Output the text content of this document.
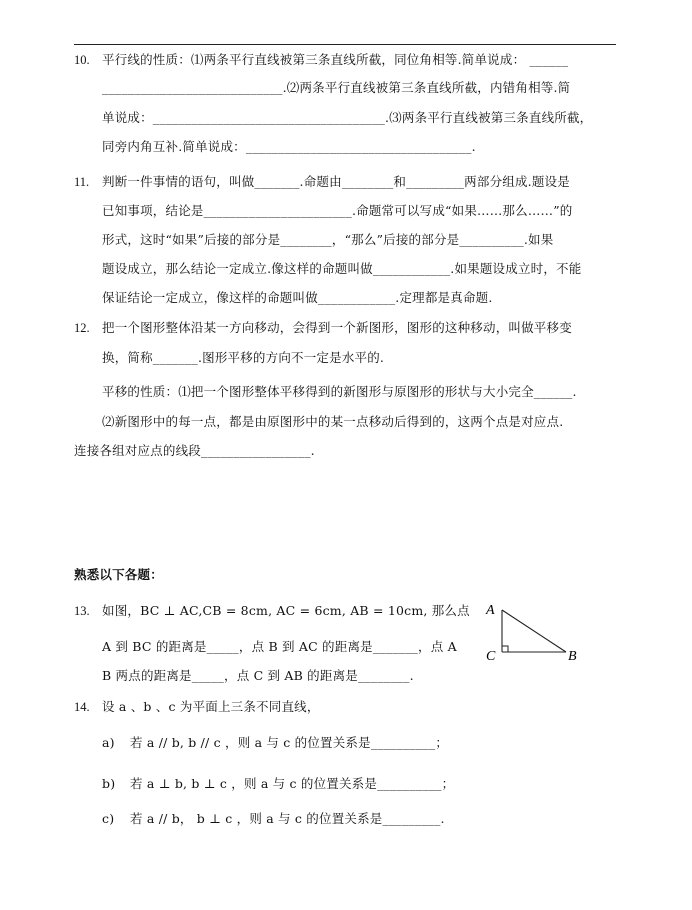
10. 平行线的性质：⑴两条平行直线被第三条直线所截，同位角相等.简单说成： ______
____________________________.⑵两条平行直线被第三条直线所截，内错角相等.简
单说成：____________________________________.⑶两条平行直线被第三条直线所截，
同旁内角互补.简单说成：___________________________________.
11. 判断一件事情的语句，叫做_______.命题由________和_________两部分组成.题设是
已知事项，结论是_______________________.命题常可以写成“如果……那么……”的
形式，这时“如果”后接的部分是________，“那么”后接的部分是__________.如果
题设成立，那么结论一定成立.像这样的命题叫做____________.如果题设成立时，不能
保证结论一定成立，像这样的命题叫做____________.定理都是真命题.
12. 把一个图形整体沿某一方向移动，会得到一个新图形，图形的这种移动，叫做平移变
换，简称_______.图形平移的方向不一定是水平的.
平移的性质：⑴把一个图形整体平移得到的新图形与原图形的形状与大小完全______.
⑵新图形中的每一点，都是由原图形中的某一点移动后得到的，这两个点是对应点.
连接各组对应点的线段_________________.
熟悉以下各题：
13. 如图，BC ⊥ AC,CB = 8cm, AC = 6cm, AB = 10cm, 那么点
A 到 BC 的距离是_____，点 B 到 AC 的距离是_______，点 A
B 两点的距离是_____，点 C 到 AB 的距离是________.
A
C	B
14. 设 a 、b 、c 为平面上三条不同直线，
a) 若 a // b, b // c ，则 a 与 c 的位置关系是__________；
b) 若 a ⊥ b, b ⊥ c ，则 a 与 c 的位置关系是__________；
c) 若 a // b， b ⊥ c ，则 a 与 c 的位置关系是_________.
